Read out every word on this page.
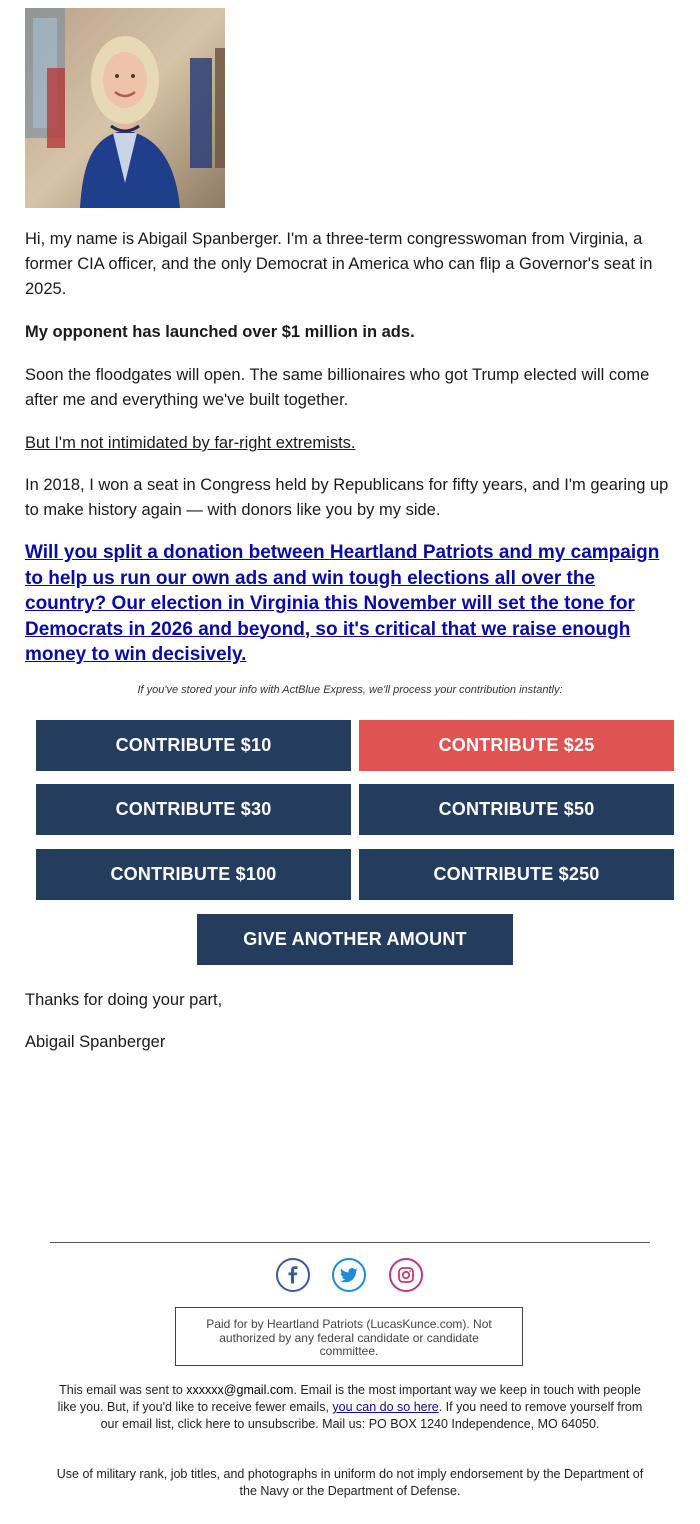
Hi, my name is Abigail Spanberger. I'm a three-term congresswoman from Virginia, a former CIA officer, and the only Democrat in America who can flip a Governor's seat in 2025.

My opponent has launched over $1 million in ads.

Soon the floodgates will open. The same billionaires who got Trump elected will come after me and everything we've built together.

But I'm not intimidated by far-right extremists.

In 2018, I won a seat in Congress held by Republicans for fifty years, and I'm gearing up to make history again — with donors like you by my side.

Will you split a donation between Heartland Patriots and my campaign to help us run our own ads and win tough elections all over the country? Our election in Virginia this November will set the tone for Democrats in 2026 and beyond, so it's critical that we raise enough money to win decisively.

If you've stored your info with ActBlue Express, we'll process your contribution instantly:
CONTRIBUTE $10	CONTRIBUTE $25
CONTRIBUTE $30	CONTRIBUTE $50
CONTRIBUTE $100	CONTRIBUTE $250
GIVE ANOTHER AMOUNT
Thanks for doing your part,
Abigail Spanberger
Paid for by Heartland Patriots (LucasKunce.com). Not authorized by any federal candidate or candidate committee.
This email was sent to xxxxxx@gmail.com. Email is the most important way we keep in touch with people like you. But, if you'd like to receive fewer emails, you can do so here. If you need to remove yourself from our email list, click here to unsubscribe. Mail us: PO BOX 1240 Independence, MO 64050.
Use of military rank, job titles, and photographs in uniform do not imply endorsement by the Department of the Navy or the Department of Defense.
